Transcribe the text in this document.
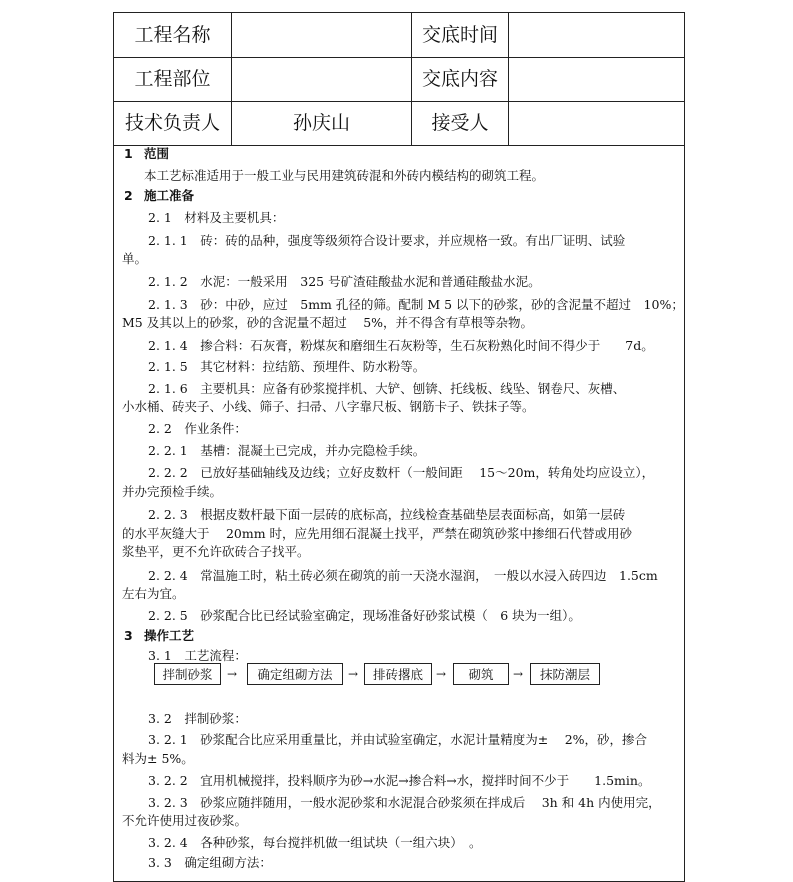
工程名称	交底时间
工程部位	交底内容
技术负责人	孙庆山	接受人
1 范围
本工艺标准适用于一般工业与民用建筑砖混和外砖内模结构的砌筑工程。
2 施工准备
2. 1　材料及主要机具：
2. 1. 1　砖：砖的品种，强度等级须符合设计要求，并应规格一致。有出厂证明、试验
单。
2. 1. 2　水泥：一般采用　325 号矿渣硅酸盐水泥和普通硅酸盐水泥。
2. 1. 3　砂：中砂，应过　5mm 孔径的筛。配制 M 5 以下的砂浆，砂的含泥量不超过　10%；
M5 及其以上的砂浆，砂的含泥量不超过　 5%，并不得含有草根等杂物。
2. 1. 4　掺合料：石灰膏，粉煤灰和磨细生石灰粉等，生石灰粉熟化时间不得少于　　7d。
2. 1. 5　其它材料：拉结筋、预埋件、防水粉等。
2. 1. 6　主要机具：应备有砂浆搅拌机、大铲、刨锛、托线板、线坠、钢卷尺、灰槽、
小水桶、砖夹子、小线、筛子、扫帚、八字靠尺板、钢筋卡子、铁抹子等。
2. 2　作业条件：
2. 2. 1　基槽：混凝土已完成，并办完隐检手续。
2. 2. 2　已放好基础轴线及边线；立好皮数杆（一般间距　 15～20m，转角处均应设立），
并办完预检手续。
2. 2. 3　根据皮数杆最下面一层砖的底标高，拉线检查基础垫层表面标高，如第一层砖
的水平灰缝大于　 20mm 时，应先用细石混凝土找平，严禁在砌筑砂浆中掺细石代替或用砂
浆垫平，更不允许砍砖合子找平。
2. 2. 4　常温施工时，粘土砖必须在砌筑的前一天浇水湿润，　一般以水浸入砖四边　1.5cm
左右为宜。
2. 2. 5　砂浆配合比已经试验室确定，现场准备好砂浆试模（　6 块为一组）。
3 操作工艺
3. 1　工艺流程：
拌制砂浆	→	确定组砌方法	→	排砖撂底	→	砌筑	→	抹防潮层
3. 2　拌制砂浆：
3. 2. 1　砂浆配合比应采用重量比，并由试验室确定，水泥计量精度为±　 2%，砂，掺合
料为± 5%。
3. 2. 2　宜用机械搅拌，投料顺序为砂→水泥→掺合料→水，搅拌时间不少于　　1.5min。
3. 2. 3　砂浆应随拌随用，一般水泥砂浆和水泥混合砂浆须在拌成后　 3h 和 4h 内使用完，
不允许使用过夜砂浆。
3. 2. 4　各种砂浆，每台搅拌机做一组试块（一组六块）　。
3. 3　确定组砌方法：
